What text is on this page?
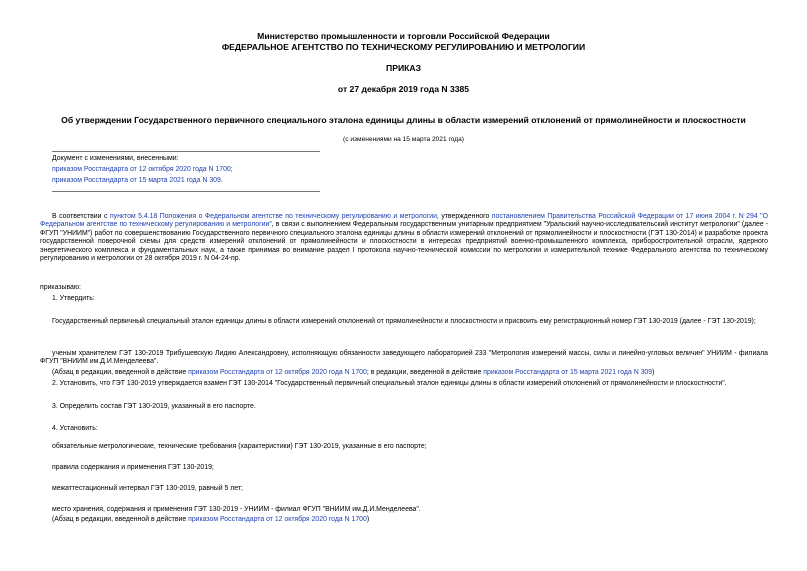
Министерство промышленности и торговли Российской Федерации
ФЕДЕРАЛЬНОЕ АГЕНТСТВО ПО ТЕХНИЧЕСКОМУ РЕГУЛИРОВАНИЮ И МЕТРОЛОГИИ
ПРИКАЗ
от 27 декабря 2019 года N 3385
Об утверждении Государственного первичного специального эталона единицы длины в области измерений отклонений от прямолинейности и плоскостности
(с изменениями на 15 марта 2021 года)
Документ с изменениями, внесенными:
приказом Росстандарта от 12 октября 2020 года N 1700;
приказом Росстандарта от 15 марта 2021 года N 309.
В соответствии с пунктом 5.4.18 Положения о Федеральном агентстве по техническому регулированию и метрологии, утвержденного постановлением Правительства Российской Федерации от 17 июня 2004 г. N 294 "О Федеральном агентстве по техническому регулированию и метрологии", в связи с выполнением Федеральным государственным унитарным предприятием "Уральский научно-исследовательский институт метрологии" (далее - ФГУП "УНИИМ") работ по совершенствованию Государственного первичного специального эталона единицы длины в области измерений отклонений от прямолинейности и плоскостности (ГЭТ 130-2014) и разработке проекта государственной поверочной схемы для средств измерений отклонений от прямолинейности и плоскостности в интересах предприятий военно-промышленного комплекса, приборостроительной отрасли, ядерного энергетического комплекса и фундаментальных наук, а также принимая во внимание раздел I протокола научно-технической комиссии по метрологии и измерительной технике Федерального агентства по техническому регулированию и метрологии от 28 октября 2019 г. N 04-24-пр.
приказываю:
1. Утвердить:
Государственный первичный специальный эталон единицы длины в области измерений отклонений от прямолинейности и плоскостности и присвоить ему регистрационный номер ГЭТ 130-2019 (далее - ГЭТ 130-2019);
ученым хранителем ГЭТ 130-2019 Трибушевскую Лидию Александровну, исполняющую обязанности заведующего лабораторией 233 "Метрология измерений массы, силы и линейно-угловых величин" УНИИМ - филиала ФГУП "ВНИИМ им.Д.И.Менделеева".
(Абзац в редакции, введенной в действие приказом Росстандарта от 12 октября 2020 года N 1700; в редакции, введенной в действие приказом Росстандарта от 15 марта 2021 года N 309)
2. Установить, что ГЭТ 130-2019 утверждается взамен ГЭТ 130-2014 "Государственный первичный специальный эталон единицы длины в области измерений отклонений от прямолинейности и плоскостности".
3. Определить состав ГЭТ 130-2019, указанный в его паспорте.
4. Установить:
обязательные метрологические, технические требования (характеристики) ГЭТ 130-2019, указанные в его паспорте;
правила содержания и применения ГЭТ 130-2019;
межаттестационный интервал ГЭТ 130-2019, равный 5 лет;
место хранения, содержания и применения ГЭТ 130-2019 - УНИИМ - филиал ФГУП "ВНИИМ им.Д.И.Менделеева".
(Абзац в редакции, введенной в действие приказом Росстандарта от 12 октября 2020 года N 1700)
